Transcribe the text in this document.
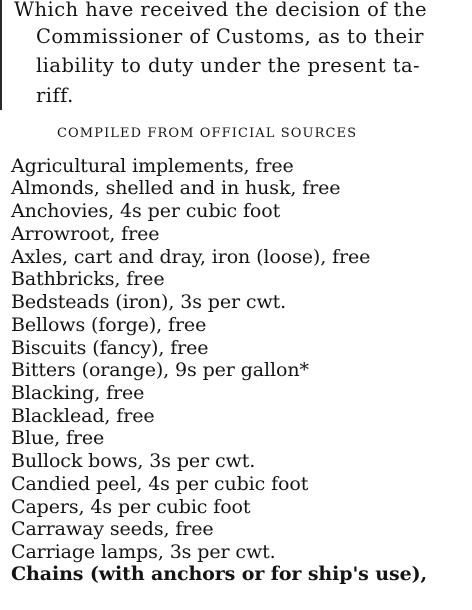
Which have received the decision of the
Commissioner of Customs, as to their
liability to duty under the present ta-
riff.
COMPILED FROM OFFICIAL SOURCES
Agricultural implements, free
Almonds, shelled and in husk, free
Anchovies, 4s per cubic foot
Arrowroot, free
Axles, cart and dray, iron (loose), free
Bathbricks, free
Bedsteads (iron), 3s per cwt.
Bellows (forge), free
Biscuits (fancy), free
Bitters (orange), 9s per gallon*
Blacking, free
Blacklead, free
Blue, free
Bullock bows, 3s per cwt.
Candied peel, 4s per cubic foot
Capers, 4s per cubic foot
Carraway seeds, free
Carriage lamps, 3s per cwt.
Chains (with anchors or for ship's use),
